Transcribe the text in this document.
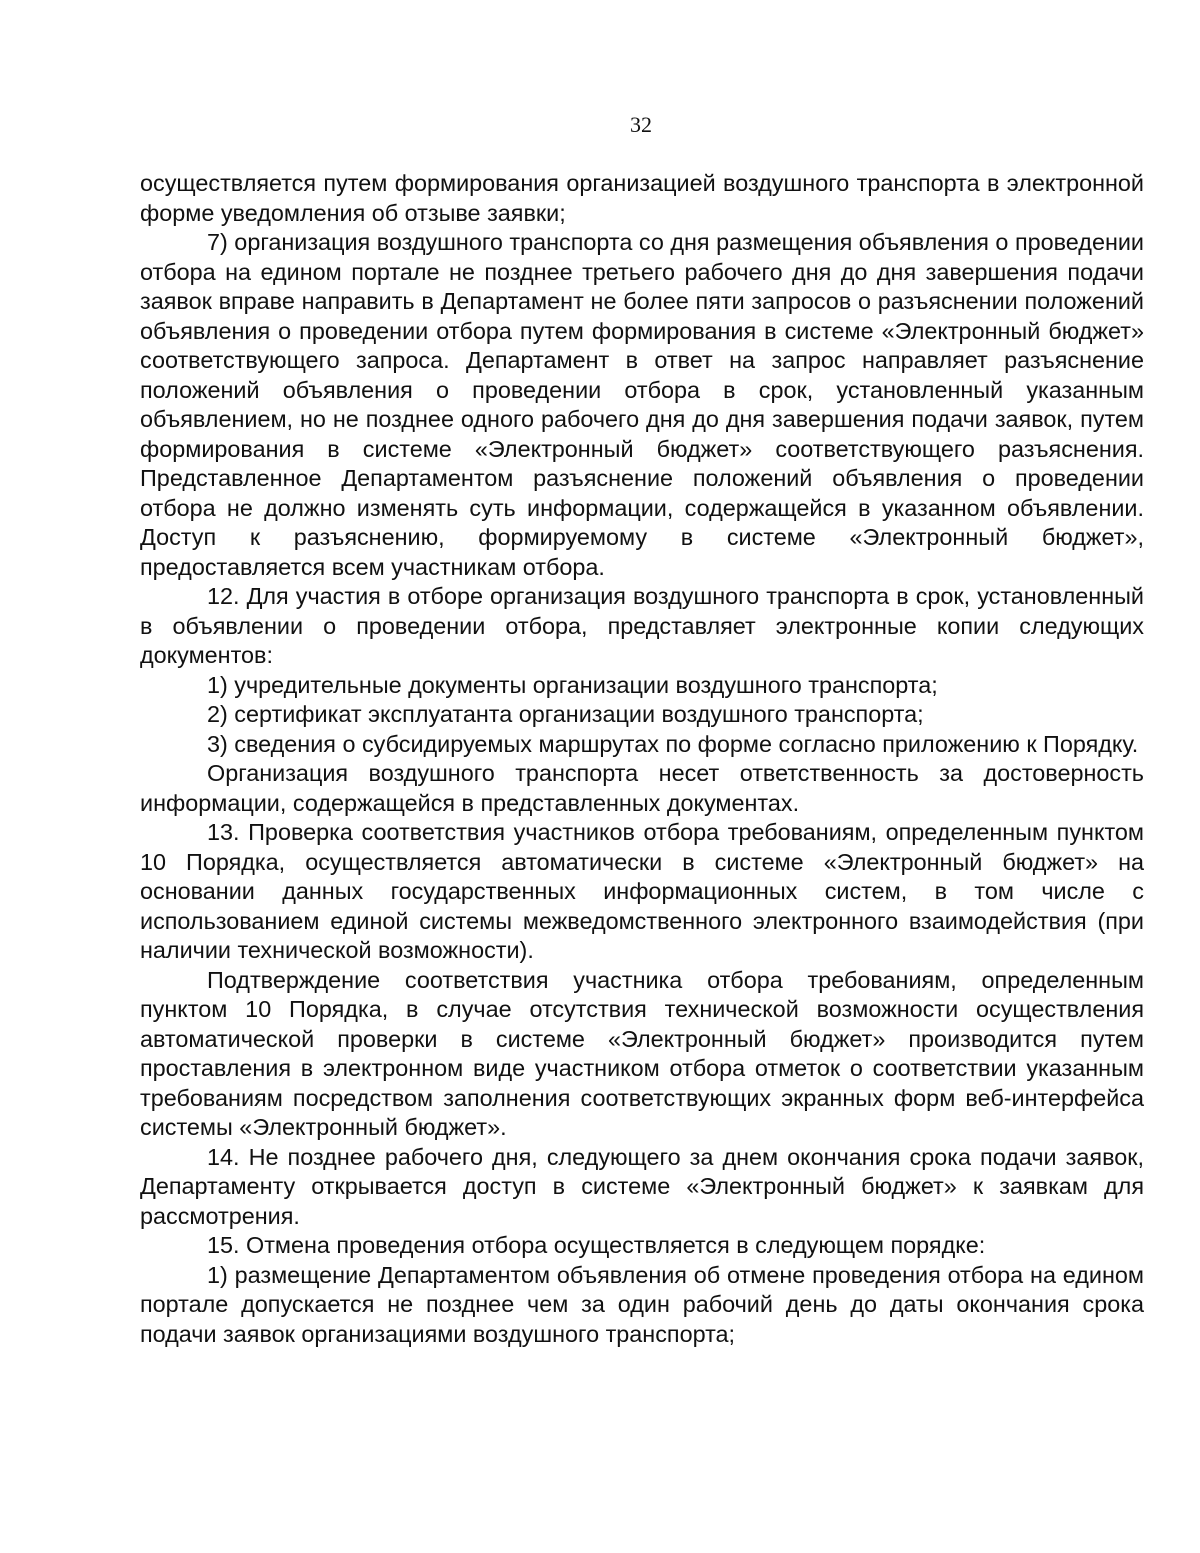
32

осуществляется путем формирования организацией воздушного транспорта в электронной форме уведомления об отзыве заявки;

7) организация воздушного транспорта со дня размещения объявления о проведении отбора на едином портале не позднее третьего рабочего дня до дня завершения подачи заявок вправе направить в Департамент не более пяти запросов о разъяснении положений объявления о проведении отбора путем формирования в системе «Электронный бюджет» соответствующего запроса. Департамент в ответ на запрос направляет разъяснение положений объявления о проведении отбора в срок, установленный указанным объявлением, но не позднее одного рабочего дня до дня завершения подачи заявок, путем формирования в системе «Электронный бюджет» соответствующего разъяснения. Представленное Департаментом разъяснение положений объявления о проведении отбора не должно изменять суть информации, содержащейся в указанном объявлении. Доступ к разъяснению, формируемому в системе «Электронный бюджет», предоставляется всем участникам отбора.

12. Для участия в отборе организация воздушного транспорта в срок, установленный в объявлении о проведении отбора, представляет электронные копии следующих документов:

1) учредительные документы организации воздушного транспорта;

2) сертификат эксплуатанта организации воздушного транспорта;

3) сведения о субсидируемых маршрутах по форме согласно приложению к Порядку.

Организация воздушного транспорта несет ответственность за достоверность информации, содержащейся в представленных документах.

13. Проверка соответствия участников отбора требованиям, определенным пунктом 10 Порядка, осуществляется автоматически в системе «Электронный бюджет» на основании данных государственных информационных систем, в том числе с использованием единой системы межведомственного электронного взаимодействия (при наличии технической возможности).

Подтверждение соответствия участника отбора требованиям, определенным пунктом 10 Порядка, в случае отсутствия технической возможности осуществления автоматической проверки в системе «Электронный бюджет» производится путем проставления в электронном виде участником отбора отметок о соответствии указанным требованиям посредством заполнения соответствующих экранных форм веб-интерфейса системы «Электронный бюджет».

14. Не позднее рабочего дня, следующего за днем окончания срока подачи заявок, Департаменту открывается доступ в системе «Электронный бюджет» к заявкам для рассмотрения.

15. Отмена проведения отбора осуществляется в следующем порядке:

1) размещение Департаментом объявления об отмене проведения отбора на едином портале допускается не позднее чем за один рабочий день до даты окончания срока подачи заявок организациями воздушного транспорта;
